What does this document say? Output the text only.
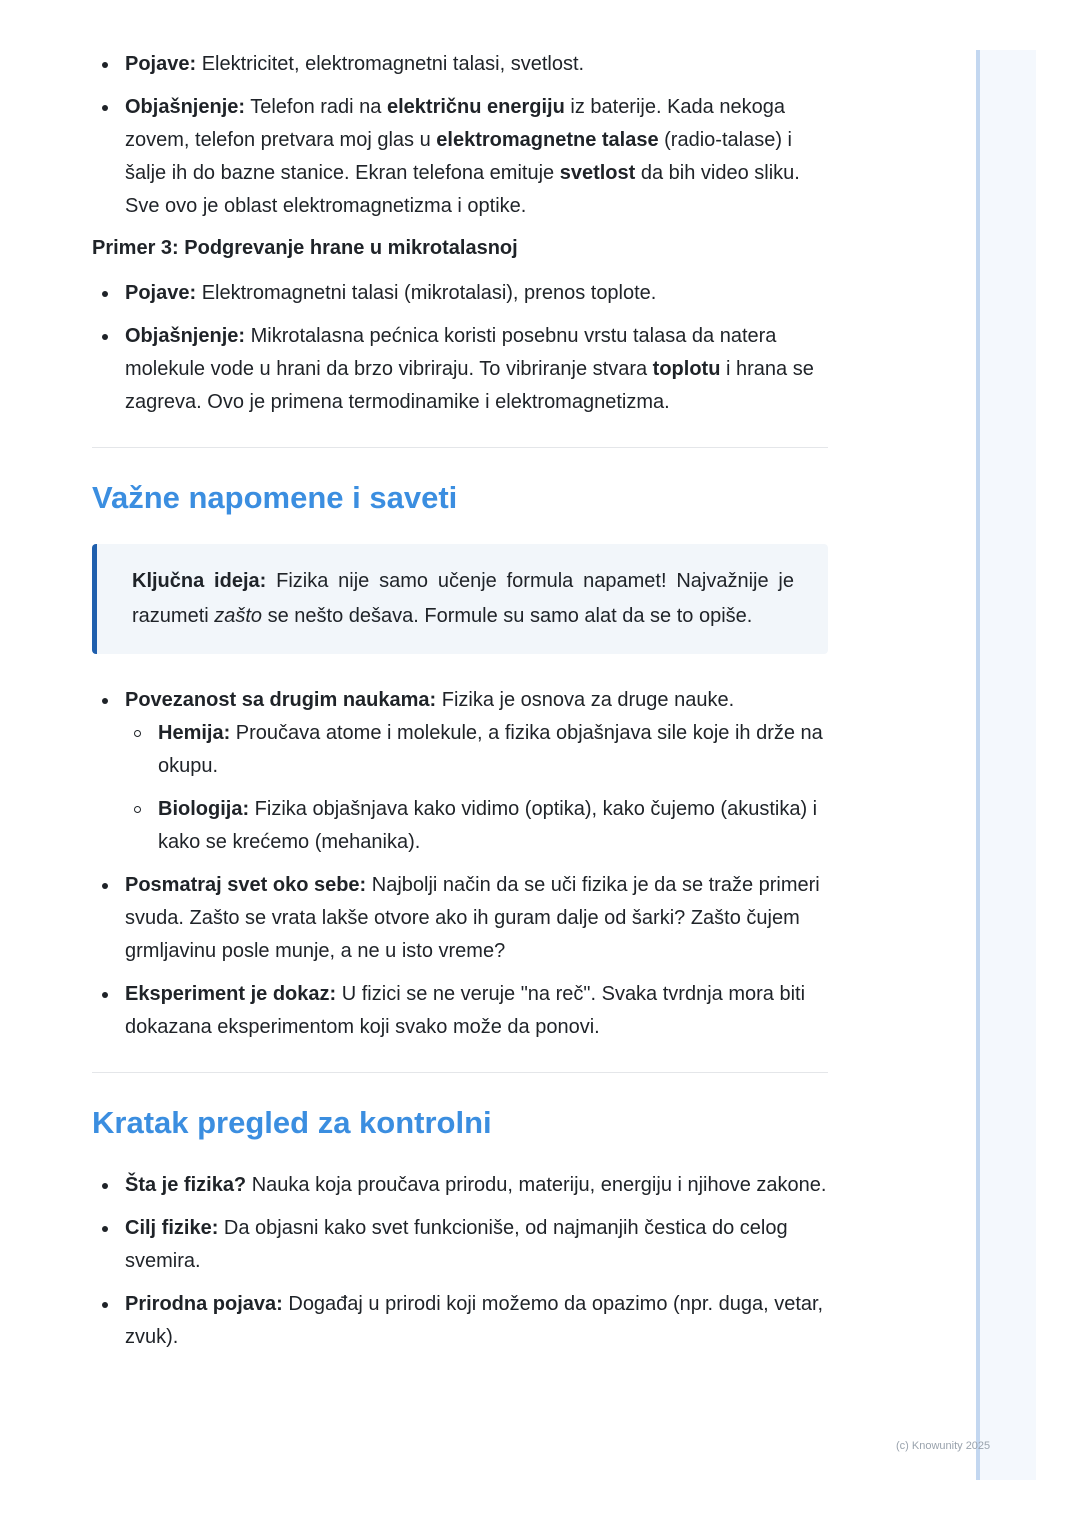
Pojave: Elektricitet, elektromagnetni talasi, svetlost.
Objašnjenje: Telefon radi na električnu energiju iz baterije. Kada nekoga zovem, telefon pretvara moj glas u elektromagnetne talase (radio-talase) i šalje ih do bazne stanice. Ekran telefona emituje svetlost da bih video sliku. Sve ovo je oblast elektromagnetizma i optike.
Primer 3: Podgrevanje hrane u mikrotalasnoj
Pojave: Elektromagnetni talasi (mikrotalasi), prenos toplote.
Objašnjenje: Mikrotalasna pećnica koristi posebnu vrstu talasa da natera molekule vode u hrani da brzo vibriraju. To vibriranje stvara toplotu i hrana se zagreva. Ovo je primena termodinamike i elektromagnetizma.
Važne napomene i saveti
Ključna ideja: Fizika nije samo učenje formula napamet! Najvažnije je razumeti zašto se nešto dešava. Formule su samo alat da se to opiše.
Povezanost sa drugim naukama: Fizika je osnova za druge nauke.
Hemija: Proučava atome i molekule, a fizika objašnjava sile koje ih drže na okupu.
Biologija: Fizika objašnjava kako vidimo (optika), kako čujemo (akustika) i kako se krećemo (mehanika).
Posmatraj svet oko sebe: Najbolji način da se uči fizika je da se traže primeri svuda. Zašto se vrata lakše otvore ako ih guram dalje od šarki? Zašto čujem grmljavinu posle munje, a ne u isto vreme?
Eksperiment je dokaz: U fizici se ne veruje "na reč". Svaka tvrdnja mora biti dokazana eksperimentom koji svako može da ponovi.
Kratak pregled za kontrolni
Šta je fizika? Nauka koja proučava prirodu, materiju, energiju i njihove zakone.
Cilj fizike: Da objasni kako svet funkcioniše, od najmanjih čestica do celog svemira.
Prirodna pojava: Događaj u prirodi koji možemo da opazimo (npr. duga, vetar, zvuk).
(c) Knowunity 2025
